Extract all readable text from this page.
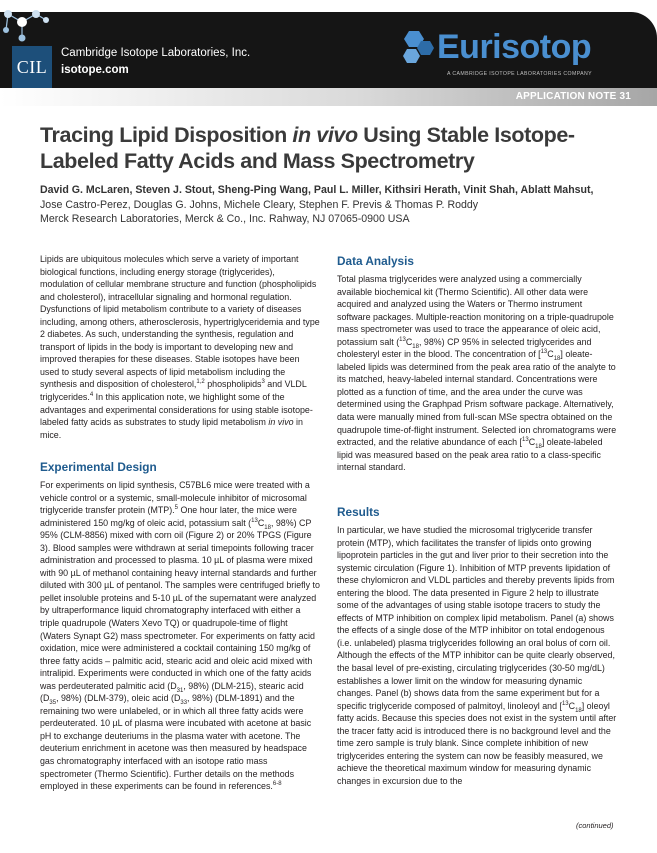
CIL
Cambridge Isotope Laboratories, Inc.
isotope.com
Eurisotop
A CAMBRIDGE ISOTOPE LABORATORIES COMPANY
APPLICATION NOTE 31
Tracing Lipid Disposition in vivo Using Stable Isotope-Labeled Fatty Acids and Mass Spectrometry
David G. McLaren, Steven J. Stout, Sheng-Ping Wang, Paul L. Miller, Kithsiri Herath, Vinit Shah, Ablatt Mahsut,
Jose Castro-Perez, Douglas G. Johns, Michele Cleary, Stephen F. Previs & Thomas P. Roddy
Merck Research Laboratories, Merck & Co., Inc. Rahway, NJ 07065-0900 USA

Lipids are ubiquitous molecules which serve a variety of important biological functions, including energy storage (triglycerides), modulation of cellular membrane structure and function (phospholipids and cholesterol), intracellular signaling and hormonal regulation. Dysfunctions of lipid metabolism contribute to a variety of diseases including, among others, atherosclerosis, hypertriglyceridemia and type 2 diabetes. As such, understanding the synthesis, regulation and transport of lipids in the body is important to developing new and improved therapies for these diseases. Stable isotopes have been used to study several aspects of lipid metabolism including the synthesis and disposition of cholesterol,$^{1,2}$ phospholipids$^3$ and VLDL triglycerides.$^4$ In this application note, we highlight some of the advantages and experimental considerations for using stable isotope-labeled fatty acids as substrates to study lipid metabolism in vivo in mice.

Experimental Design

For experiments on lipid synthesis, C57BL6 mice were treated with a vehicle control or a systemic, small-molecule inhibitor of microsomal triglyceride transfer protein (MTP).$^5$ One hour later, the mice were administered 150 mg/kg of oleic acid, potassium salt ($^{13}C_{18}$, 98%) CP 95% (CLM-8856) mixed with corn oil (Figure 2) or 20% TPGS (Figure 3). Blood samples were withdrawn at serial timepoints following tracer administration and processed to plasma. 10 µL of plasma were mixed with 90 µL of methanol containing heavy internal standards and further diluted with 300 µL of pentanol. The samples were centrifuged briefly to pellet insoluble proteins and 5-10 µL of the supernatant were analyzed by ultraperformance liquid chromatography interfaced with either a triple quadrupole (Waters Xevo TQ) or quadrupole-time of flight (Waters Synapt G2) mass spectrometer. For experiments on fatty acid oxidation, mice were administered a cocktail containing 150 mg/kg of three fatty acids – palmitic acid, stearic acid and oleic acid mixed with intralipid. Experiments were conducted in which one of the fatty acids was perdeuterated palmitic acid ($D_{31}$, 98%) (DLM-215), stearic acid ($D_{35}$, 98%) (DLM-379), oleic acid ($D_{33}$, 98%) (DLM-1891) and the remaining two were unlabeled, or in which all three fatty acids were perdeuterated. 10 µL of plasma were incubated with acetone at basic pH to exchange deuteriums in the plasma water with acetone. The deuterium enrichment in acetone was then measured by headspace gas chromatography interfaced with an isotope ratio mass spectrometer (Thermo Scientific). Further details on the methods employed in these experiments can be found in references.$^{6-8}$

Data Analysis

Total plasma triglycerides were analyzed using a commercially available biochemical kit (Thermo Scientific). All other data were acquired and analyzed using the Waters or Thermo instrument software packages. Multiple-reaction monitoring on a triple-quadrupole mass spectrometer was used to trace the appearance of oleic acid, potassium salt ($^{13}C_{18}$, 98%) CP 95% in selected triglycerides and cholesteryl ester in the blood. The concentration of $[^{13}C_{18}]$ oleate-labeled lipids was determined from the peak area ratio of the analyte to its matched, heavy-labeled internal standard. Concentrations were plotted as a function of time, and the area under the curve was determined using the Graphpad Prism software package. Alternatively, data were manually mined from full-scan MSe spectra obtained on the quadrupole time-of-flight instrument. Selected ion chromatograms were extracted, and the relative abundance of each $[^{13}C_{18}]$ oleate-labeled lipid was measured based on the peak area ratio to a class-specific internal standard.

Results

In particular, we have studied the microsomal triglyceride transfer protein (MTP), which facilitates the transfer of lipids onto growing lipoprotein particles in the gut and liver prior to their secretion into the systemic circulation (Figure 1). Inhibition of MTP prevents lipidation of these chylomicron and VLDL particles and thereby prevents lipids from entering the blood. The data presented in Figure 2 help to illustrate some of the advantages of using stable isotope tracers to study the effects of MTP inhibition on complex lipid metabolism. Panel (a) shows the effects of a single dose of the MTP inhibitor on total endogenous (i.e. unlabeled) plasma triglycerides following an oral bolus of corn oil. Although the effects of the MTP inhibitor can be quite clearly observed, the basal level of pre-existing, circulating triglycerides (30-50 mg/dL) establishes a lower limit on the window for measuring dynamic changes. Panel (b) shows data from the same experiment but for a specific triglyceride composed of palmitoyl, linoleoyl and $[^{13}C_{18}]$ oleoyl fatty acids. Because this species does not exist in the system until after the tracer fatty acid is introduced there is no background level and the time zero sample is truly blank. Since complete inhibition of new triglycerides entering the system can now be feasibly measured, we achieve the theoretical maximum window for measuring dynamic changes in excursion due to the

(continued)
